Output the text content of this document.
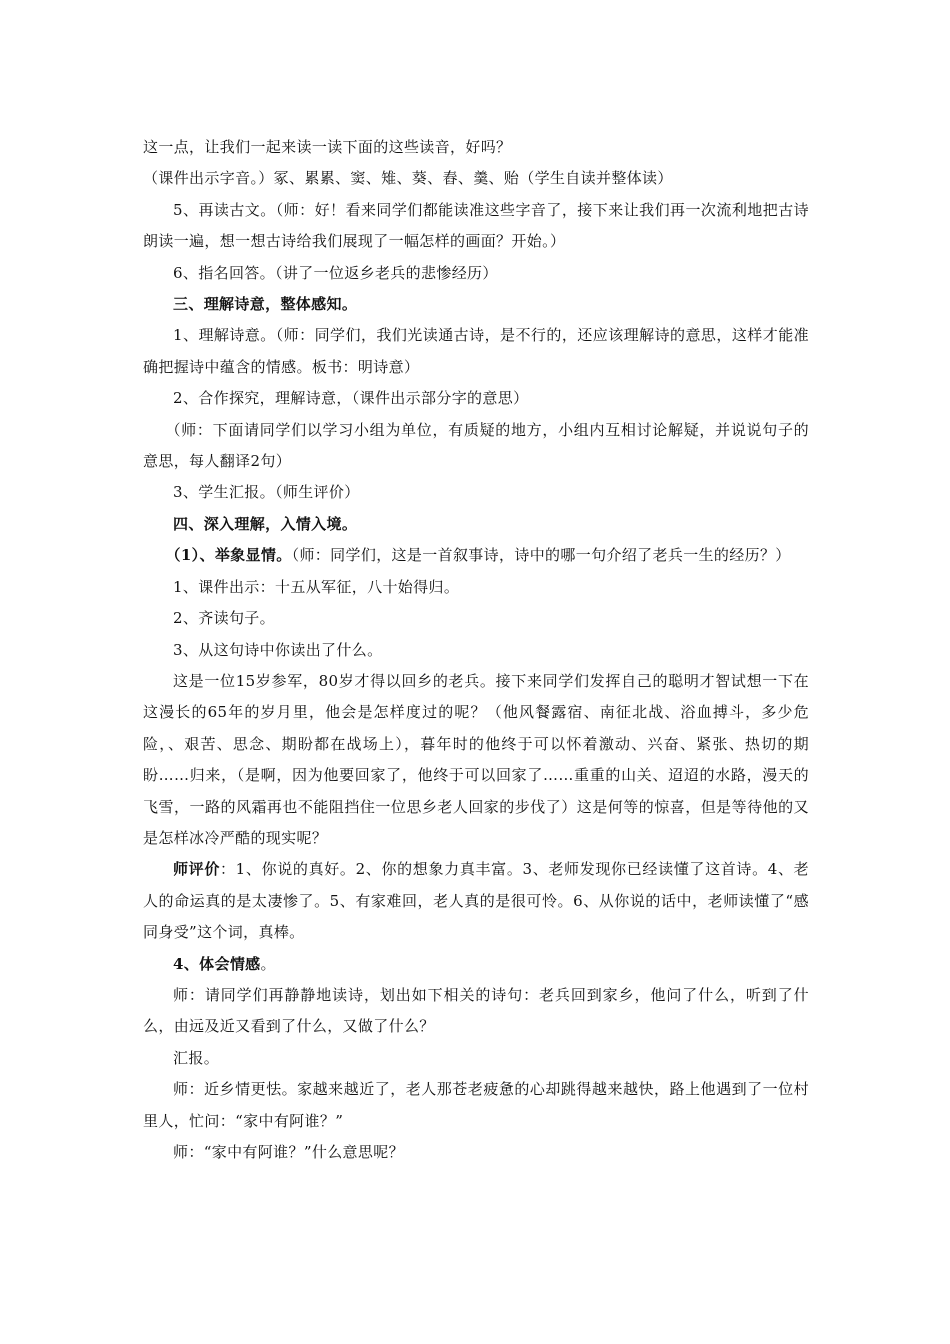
这一点，让我们一起来读一读下面的这些读音，好吗？

（课件出示字音。）冢、累累、窦、雉、葵、舂、羹、贻（学生自读并整体读）

5、再读古文。（师：好！看来同学们都能读准这些字音了，接下来让我们再一次流利地把古诗朗读一遍，想一想古诗给我们展现了一幅怎样的画面？开始。）

6、指名回答。（讲了一位返乡老兵的悲惨经历）

三、理解诗意，整体感知。

1、理解诗意。（师：同学们，我们光读通古诗，是不行的，还应该理解诗的意思，这样才能准确把握诗中蕴含的情感。板书：明诗意）

2、合作探究，理解诗意，（课件出示部分字的意思）

（师：下面请同学们以学习小组为单位，有质疑的地方，小组内互相讨论解疑，并说说句子的意思，每人翻译2句）

3、学生汇报。（师生评价）

四、深入理解，入情入境。

（1）、举象显情。（师：同学们，这是一首叙事诗，诗中的哪一句介绍了老兵一生的经历？）

1、课件出示：十五从军征，八十始得归。

2、齐读句子。

3、从这句诗中你读出了什么。

这是一位15岁参军，80岁才得以回乡的老兵。接下来同学们发挥自己的聪明才智试想一下在这漫长的65年的岁月里，他会是怎样度过的呢？（他风餐露宿、南征北战、浴血搏斗，多少危险，、艰苦、思念、期盼都在战场上），暮年时的他终于可以怀着激动、兴奋、紧张、热切的期盼……归来，（是啊，因为他要回家了，他终于可以回家了……重重的山关、迢迢的水路，漫天的飞雪，一路的风霜再也不能阻挡住一位思乡老人回家的步伐了）这是何等的惊喜，但是等待他的又是怎样冰冷严酷的现实呢？

师评价：1、你说的真好。2、你的想象力真丰富。3、老师发现你已经读懂了这首诗。4、老人的命运真的是太凄惨了。5、有家难回，老人真的是很可怜。6、从你说的话中，老师读懂了“感同身受”这个词，真棒。

4、体会情感。

师：请同学们再静静地读诗，划出如下相关的诗句：老兵回到家乡，他问了什么，听到了什么，由远及近又看到了什么，又做了什么？

汇报。

师：近乡情更怯。家越来越近了，老人那苍老疲惫的心却跳得越来越快，路上他遇到了一位村里人，忙问：“家中有阿谁？”

师：“家中有阿谁？”什么意思呢？
